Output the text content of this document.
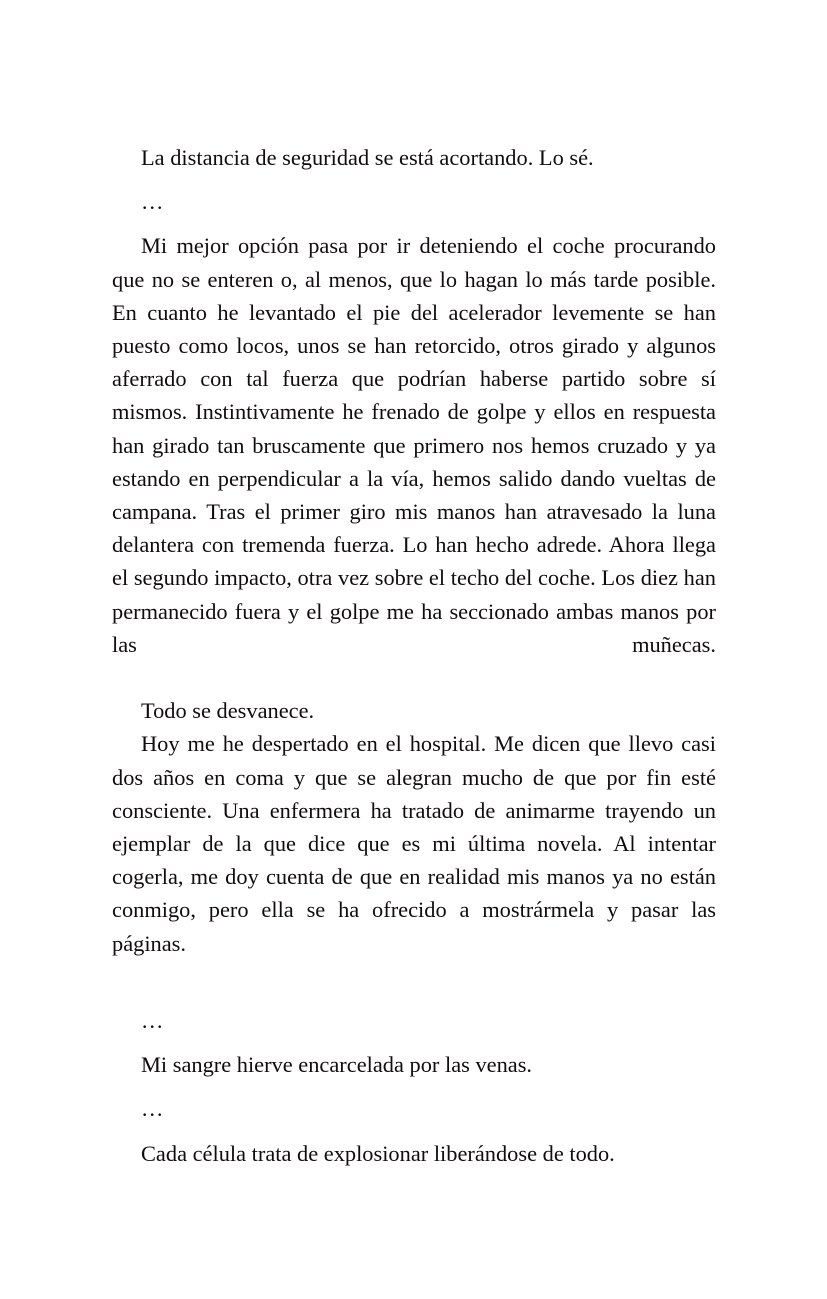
La distancia de seguridad se está acortando. Lo sé.

…

Mi mejor opción pasa por ir deteniendo el coche procurando que no se enteren o, al menos, que lo hagan lo más tarde posible. En cuanto he levantado el pie del acelerador levemente se han puesto como locos, unos se han retorcido, otros girado y algunos aferrado con tal fuerza que podrían haberse partido sobre sí mismos. Instintivamente he frenado de golpe y ellos en respuesta han girado tan bruscamente que primero nos hemos cruzado y ya estando en perpendicular a la vía, hemos salido dando vueltas de campana. Tras el primer giro mis manos han atravesado la luna delantera con tremenda fuerza. Lo han hecho adrede. Ahora llega el segundo impacto, otra vez sobre el techo del coche. Los diez han permanecido fuera y el golpe me ha seccionado ambas manos por las muñecas.

Todo se desvanece.

Hoy me he despertado en el hospital. Me dicen que llevo casi dos años en coma y que se alegran mucho de que por fin esté consciente. Una enfermera ha tratado de animarme trayendo un ejemplar de la que dice que es mi última novela. Al intentar cogerla, me doy cuenta de que en realidad mis manos ya no están conmigo, pero ella se ha ofrecido a mostrármela y pasar las páginas.

…

Mi sangre hierve encarcelada por las venas.

…

Cada célula trata de explosionar liberándose de todo.
